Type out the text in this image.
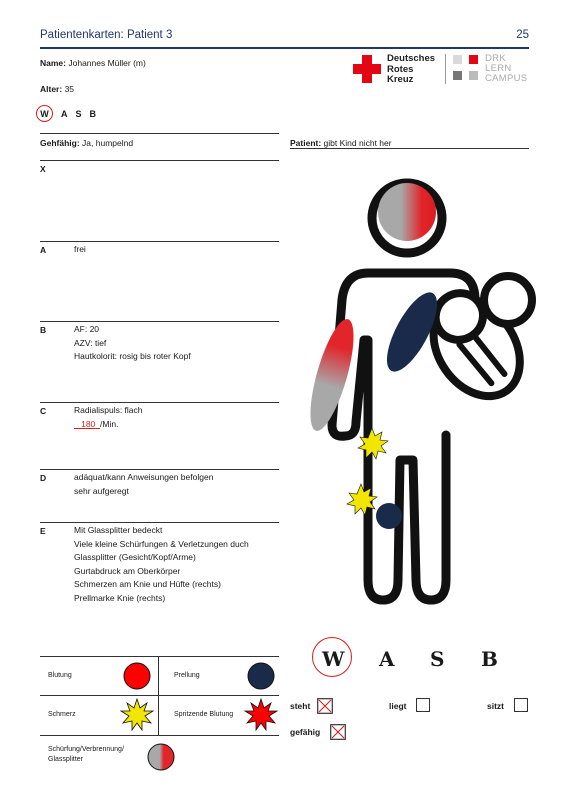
Patientenkarten: Patient 3	25
Deutsches
Rotes
Kreuz
DRK
LERN
CAMPUS
Name: Johannes Müller (m)
Alter: 35
W A S B
Gehfähig: Ja, humpelnd	Patient: gibt Kind nicht her
X
A	frei
B	AF: 20
AZV: tief
Hautkolorit: rosig bis roter Kopf
C	Radialispuls: flach
180 /Min.
D	adäquat/kann Anweisungen befolgen
sehr aufgeregt
E	Mit Glassplitter bedeckt
Viele kleine Schürfungen & Verletzungen duch
Glassplitter (Gesicht/Kopf/Arme)
Gurtabdruck am Oberkörper
Schmerzen am Knie und Hüfte (rechts)
Prellmarke Knie (rechts)
W A S B
steht	liegt	sitzt
gefähig
Blutung	Prellung
Schmerz	Spritzende Blutung
Schürfung/Verbrennung/
Glassplitter
